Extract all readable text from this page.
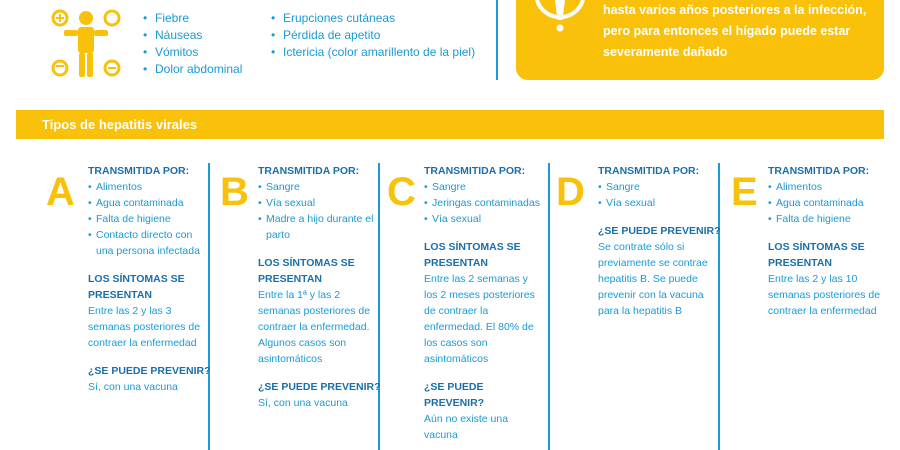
• Fiebre
• Náuseas
• Vómitos
• Dolor abdominal
• Erupciones cutáneas
• Pérdida de apetito
• Ictericia (color amarillento de la piel)
hasta varios años posteriores a la infección, pero para entonces el hígado puede estar severamente dañado
Tipos de hepatitis virales
A TRANSMITIDA POR:
• Alimentos
• Agua contaminada
• Falta de higiene
• Contacto directo con una persona infectada
LOS SÍNTOMAS SE PRESENTAN

Entre las 2 y las 3 semanas posteriores de contraer la enfermedad

¿SE PUEDE PREVENIR?

Sí, con una vacuna

B TRANSMITIDA POR:
• Sangre
• Vía sexual
• Madre a hijo durante el parto
LOS SÍNTOMAS SE PRESENTAN

Entre la 1ª y las 2 semanas posteriores de contraer la enfermedad. Algunos casos son asintomáticos

¿SE PUEDE PREVENIR?

Sí, con una vacuna

C TRANSMITIDA POR:
• Sangre
• Jeringas contaminadas
• Vía sexual
LOS SÍNTOMAS SE PRESENTAN

Entre las 2 semanas y los 2 meses posteriores de contraer la enfermedad. El 80% de los casos son asintomáticos

¿SE PUEDE PREVENIR?

Aún no existe una vacuna

D TRANSMITIDA POR:
• Sangre
• Vía sexual
¿SE PUEDE PREVENIR?

Se contrate sólo si previamente se contrae hepatitis B. Se puede prevenir con la vacuna para la hepatitis B

E TRANSMITIDA POR:
• Alimentos
• Agua contaminada
• Falta de higiene
LOS SÍNTOMAS SE PRESENTAN

Entre las 2 y las 10 semanas posteriores de contraer la enfermedad
